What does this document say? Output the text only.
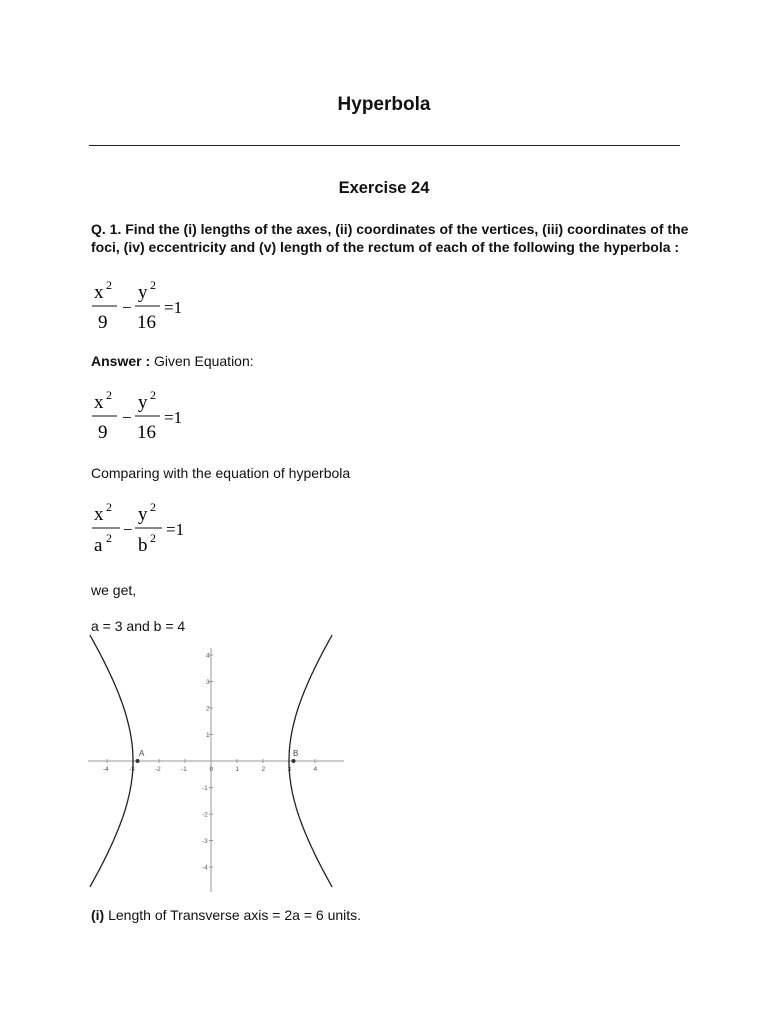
Hyperbola
Exercise 24
Q. 1. Find the (i) lengths of the axes, (ii) coordinates of the vertices, (iii) coordinates of the foci, (iv) eccentricity and (v) length of the rectum of each of the following the hyperbola :
x 2
9
−
y 2
16
=1
Answer : Given Equation:
x 2
9
−
y 2
16
=1
Comparing with the equation of hyperbola
x 2
a 2 −
y 2
b 2 =1
we get,
a = 3 and b = 4
-4	-3	-2	-1	0	1	2	3	4
4
3
2
1
-1
-2
-3
-4
A	B
(i) Length of Transverse axis = 2a = 6 units.
